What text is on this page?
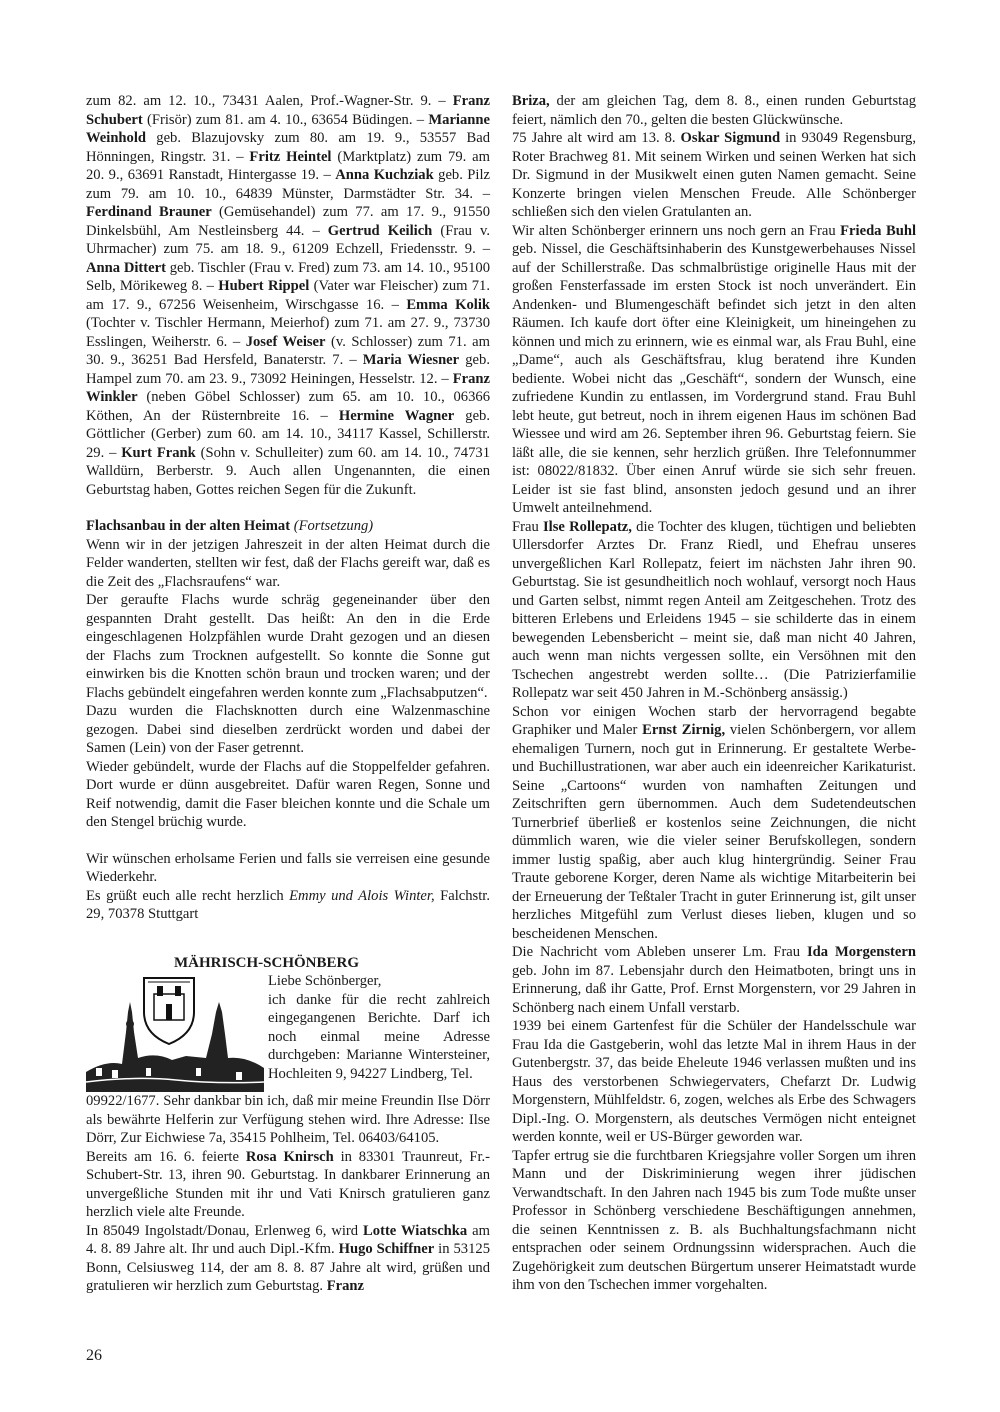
zum 82. am 12. 10., 73431 Aalen, Prof.-Wagner-Str. 9. – Franz Schubert (Frisör) zum 81. am 4. 10., 63654 Büdingen. – Marianne Weinhold geb. Blazujovsky zum 80. am 19. 9., 53557 Bad Hönningen, Ringstr. 31. – Fritz Heintel (Marktplatz) zum 79. am 20. 9., 63691 Ranstadt, Hintergasse 19. – Anna Kuchziak geb. Pilz zum 79. am 10. 10., 64839 Münster, Darmstädter Str. 34. – Ferdinand Brauner (Gemüsehandel) zum 77. am 17. 9., 91550 Dinkelsbühl, Am Nestleinsberg 44. – Gertrud Keilich (Frau v. Uhrmacher) zum 75. am 18. 9., 61209 Echzell, Friedensstr. 9. – Anna Dittert geb. Tischler (Frau v. Fred) zum 73. am 14. 10., 95100 Selb, Mörikeweg 8. – Hubert Rippel (Vater war Fleischer) zum 71. am 17. 9., 67256 Weisenheim, Wirschgasse 16. – Emma Kolik (Tochter v. Tischler Hermann, Meierhof) zum 71. am 27. 9., 73730 Esslingen, Weiherstr. 6. – Josef Weiser (v. Schlosser) zum 71. am 30. 9., 36251 Bad Hersfeld, Banaterstr. 7. – Maria Wiesner geb. Hampel zum 70. am 23. 9., 73092 Heiningen, Hesselstr. 12. – Franz Winkler (neben Göbel Schlosser) zum 65. am 10. 10., 06366 Köthen, An der Rüsternbreite 16. – Hermine Wagner geb. Göttlicher (Gerber) zum 60. am 14. 10., 34117 Kassel, Schillerstr. 29. – Kurt Frank (Sohn v. Schulleiter) zum 60. am 14. 10., 74731 Walldürn, Berberstr. 9. Auch allen Ungenannten, die einen Geburtstag haben, Gottes reichen Segen für die Zukunft.

Flachsanbau in der alten Heimat (Fortsetzung)

Wenn wir in der jetzigen Jahreszeit in der alten Heimat durch die Felder wanderten, stellten wir fest, daß der Flachs gereift war, daß es die Zeit des „Flachsraufens“ war.

Der geraufte Flachs wurde schräg gegeneinander über den gespannten Draht gestellt. Das heißt: An den in die Erde eingeschlagenen Holzpfählen wurde Draht gezogen und an diesen der Flachs zum Trocknen aufgestellt. So konnte die Sonne gut einwirken bis die Knotten schön braun und trocken waren; und der Flachs gebündelt eingefahren werden konnte zum „Flachsabputzen“.

Dazu wurden die Flachsknotten durch eine Walzenmaschine gezogen. Dabei sind dieselben zerdrückt worden und dabei der Samen (Lein) von der Faser getrennt.

Wieder gebündelt, wurde der Flachs auf die Stoppelfelder gefahren. Dort wurde er dünn ausgebreitet. Dafür waren Regen, Sonne und Reif notwendig, damit die Faser bleichen konnte und die Schale um den Stengel brüchig wurde.

Wir wünschen erholsame Ferien und falls sie verreisen eine gesunde Wiederkehr.

Es grüßt euch alle recht herzlich Emmy und Alois Winter, Falchstr. 29, 70378 Stuttgart

MÄHRISCH-SCHÖNBERG

Liebe Schönberger,

ich danke für die recht zahlreich eingegangenen Berichte. Darf ich noch einmal meine Adresse durchgeben: Marianne Wintersteiner, Hochleiten 9, 94227 Lindberg, Tel.

09922/1677. Sehr dankbar bin ich, daß mir meine Freundin Ilse Dörr als bewährte Helferin zur Verfügung stehen wird. Ihre Adresse: Ilse Dörr, Zur Eichwiese 7a, 35415 Pohlheim, Tel. 06403/64105.

Bereits am 16. 6. feierte Rosa Knirsch in 83301 Traunreut, Fr.-Schubert-Str. 13, ihren 90. Geburtstag. In dankbarer Erinnerung an unvergeßliche Stunden mit ihr und Vati Knirsch gratulieren ganz herzlich viele alte Freunde.

In 85049 Ingolstadt/Donau, Erlenweg 6, wird Lotte Wiatschka am 4. 8. 89 Jahre alt. Ihr und auch Dipl.-Kfm. Hugo Schiffner in 53125 Bonn, Celsiusweg 114, der am 8. 8. 87 Jahre alt wird, grüßen und gratulieren wir herzlich zum Geburtstag. Franz

Briza, der am gleichen Tag, dem 8. 8., einen runden Geburtstag feiert, nämlich den 70., gelten die besten Glückwünsche.

75 Jahre alt wird am 13. 8. Oskar Sigmund in 93049 Regensburg, Roter Brachweg 81. Mit seinem Wirken und seinen Werken hat sich Dr. Sigmund in der Musikwelt einen guten Namen gemacht. Seine Konzerte bringen vielen Menschen Freude. Alle Schönberger schließen sich den vielen Gratulanten an.

Wir alten Schönberger erinnern uns noch gern an Frau Frieda Buhl geb. Nissel, die Geschäftsinhaberin des Kunstgewerbehauses Nissel auf der Schillerstraße. Das schmalbrüstige originelle Haus mit der großen Fensterfassade im ersten Stock ist noch unverändert. Ein Andenken- und Blumengeschäft befindet sich jetzt in den alten Räumen. Ich kaufe dort öfter eine Kleinigkeit, um hineingehen zu können und mich zu erinnern, wie es einmal war, als Frau Buhl, eine „Dame“, auch als Geschäftsfrau, klug beratend ihre Kunden bediente. Wobei nicht das „Geschäft“, sondern der Wunsch, eine zufriedene Kundin zu entlassen, im Vordergrund stand. Frau Buhl lebt heute, gut betreut, noch in ihrem eigenen Haus im schönen Bad Wiessee und wird am 26. September ihren 96. Geburtstag feiern. Sie läßt alle, die sie kennen, sehr herzlich grüßen. Ihre Telefonnummer ist: 08022/81832. Über einen Anruf würde sie sich sehr freuen. Leider ist sie fast blind, ansonsten jedoch gesund und an ihrer Umwelt anteilnehmend.

Frau Ilse Rollepatz, die Tochter des klugen, tüchtigen und beliebten Ullersdorfer Arztes Dr. Franz Riedl, und Ehefrau unseres unvergeßlichen Karl Rollepatz, feiert im nächsten Jahr ihren 90. Geburtstag. Sie ist gesundheitlich noch wohlauf, versorgt noch Haus und Garten selbst, nimmt regen Anteil am Zeitgeschehen. Trotz des bitteren Erlebens und Erleidens 1945 – sie schilderte das in einem bewegenden Lebensbericht – meint sie, daß man nicht 40 Jahren, auch wenn man nichts vergessen sollte, ein Versöhnen mit den Tschechen angestrebt werden sollte… (Die Patrizierfamilie Rollepatz war seit 450 Jahren in M.-Schönberg ansässig.)

Schon vor einigen Wochen starb der hervorragend begabte Graphiker und Maler Ernst Zirnig, vielen Schönbergern, vor allem ehemaligen Turnern, noch gut in Erinnerung. Er gestaltete Werbe- und Buchillustrationen, war aber auch ein ideenreicher Karikaturist. Seine „Cartoons“ wurden von namhaften Zeitungen und Zeitschriften gern übernommen. Auch dem Sudetendeutschen Turnerbrief überließ er kostenlos seine Zeichnungen, die nicht dümmlich waren, wie die vieler seiner Berufskollegen, sondern immer lustig spaßig, aber auch klug hintergründig. Seiner Frau Traute geborene Korger, deren Name als wichtige Mitarbeiterin bei der Erneuerung der Teßtaler Tracht in guter Erinnerung ist, gilt unser herzliches Mitgefühl zum Verlust dieses lieben, klugen und so bescheidenen Menschen.

Die Nachricht vom Ableben unserer Lm. Frau Ida Morgenstern geb. John im 87. Lebensjahr durch den Heimatboten, bringt uns in Erinnerung, daß ihr Gatte, Prof. Ernst Morgenstern, vor 29 Jahren in Schönberg nach einem Unfall verstarb.

1939 bei einem Gartenfest für die Schüler der Handelsschule war Frau Ida die Gastgeberin, wohl das letzte Mal in ihrem Haus in der Gutenbergstr. 37, das beide Eheleute 1946 verlassen mußten und ins Haus des verstorbenen Schwiegervaters, Chefarzt Dr. Ludwig Morgenstern, Mühlfeldstr. 6, zogen, welches als Erbe des Schwagers Dipl.-Ing. O. Morgenstern, als deutsches Vermögen nicht enteignet werden konnte, weil er US-Bürger geworden war.

Tapfer ertrug sie die furchtbaren Kriegsjahre voller Sorgen um ihren Mann und der Diskriminierung wegen ihrer jüdischen Verwandtschaft. In den Jahren nach 1945 bis zum Tode mußte unser Professor in Schönberg verschiedene Beschäftigungen annehmen, die seinen Kenntnissen z. B. als Buchhaltungsfachmann nicht entsprachen oder seinem Ordnungssinn widersprachen. Auch die Zugehörigkeit zum deutschen Bürgertum unserer Heimatstadt wurde ihm von den Tschechen immer vorgehalten.

26
